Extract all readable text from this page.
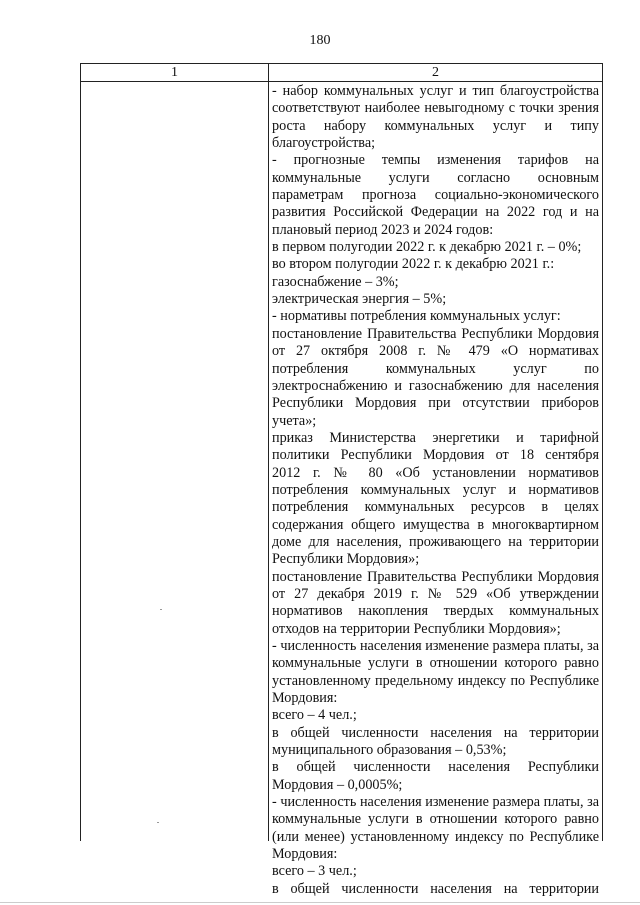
180
1	2

- набор коммунальных услуг и тип благоустройства

соответствуют наиболее невыгодному с точки зрения

роста набору коммунальных услуг и типу

благоустройства;

- прогнозные темпы изменения тарифов на

коммунальные услуги согласно основным

параметрам прогноза социально-экономического

развития Российской Федерации на 2022 год и на

плановый период 2023 и 2024 годов:

в первом полугодии 2022 г. к декабрю 2021 г. – 0%;

во втором полугодии 2022 г. к декабрю 2021 г.:

газоснабжение – 3%;

электрическая энергия – 5%;

- нормативы потребления коммунальных услуг:

постановление Правительства Республики Мордовия

от 27 октября 2008 г. № 479 «О нормативах

потребления коммунальных услуг по

электроснабжению и газоснабжению для населения

Республики Мордовия при отсутствии приборов

учета»;

приказ Министерства энергетики и тарифной

политики Республики Мордовия от 18 сентября

2012 г. № 80 «Об установлении нормативов

потребления коммунальных услуг и нормативов

потребления коммунальных ресурсов в целях

содержания общего имущества в многоквартирном

доме для населения, проживающего на территории

Республики Мордовия»;

постановление Правительства Республики Мордовия

от 27 декабря 2019 г. № 529 «Об утверждении

нормативов накопления твердых коммунальных

отходов на территории Республики Мордовия»;

- численность населения изменение размера платы, за

коммунальные услуги в отношении которого равно

установленному предельному индексу по Республике

Мордовия:

всего – 4 чел.;

в общей численности населения на территории

муниципального образования – 0,53%;

в общей численности населения Республики

Мордовия – 0,0005%;

- численность населения изменение размера платы, за

коммунальные услуги в отношении которого равно

(или менее) установленному индексу по Республике

Мордовия:

всего – 3 чел.;

в общей численности населения на территории
